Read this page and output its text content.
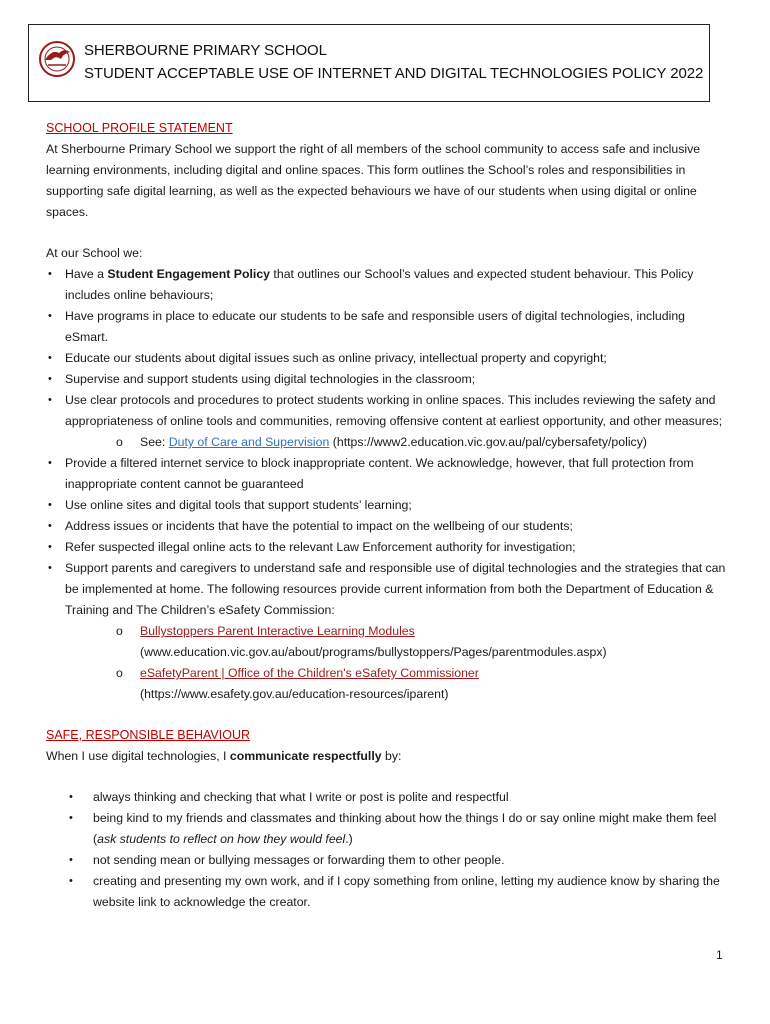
SHERBOURNE PRIMARY SCHOOL
STUDENT ACCEPTABLE USE OF INTERNET AND DIGITAL TECHNOLOGIES POLICY 2022
SCHOOL PROFILE STATEMENT

At Sherbourne Primary School we support the right of all members of the school community to access safe and inclusive learning environments, including digital and online spaces. This form outlines the School’s roles and responsibilities in supporting safe digital learning, as well as the expected behaviours we have of our students when using digital or online spaces.

At our School we:

• Have a Student Engagement Policy that outlines our School’s values and expected student behaviour. This Policy includes online behaviours;
• Have programs in place to educate our students to be safe and responsible users of digital technologies, including eSmart.
• Educate our students about digital issues such as online privacy, intellectual property and copyright;
• Supervise and support students using digital technologies in the classroom;
• Use clear protocols and procedures to protect students working in online spaces. This includes reviewing the safety and appropriateness of online tools and communities, removing offensive content at earliest opportunity, and other measures;
o See: Duty of Care and Supervision (https://www2.education.vic.gov.au/pal/cybersafety/policy)
• Provide a filtered internet service to block inappropriate content. We acknowledge, however, that full protection from inappropriate content cannot be guaranteed
• Use online sites and digital tools that support students’ learning;
• Address issues or incidents that have the potential to impact on the wellbeing of our students;
• Refer suspected illegal online acts to the relevant Law Enforcement authority for investigation;
• Support parents and caregivers to understand safe and responsible use of digital technologies and the strategies that can be implemented at home. The following resources provide current information from both the Department of Education & Training and The Children’s eSafety Commission:
o Bullystoppers Parent Interactive Learning Modules
(www.education.vic.gov.au/about/programs/bullystoppers/Pages/parentmodules.aspx)
o eSafetyParent | Office of the Children's eSafety Commissioner
(https://www.esafety.gov.au/education-resources/iparent)
SAFE, RESPONSIBLE BEHAVIOUR

When I use digital technologies, I communicate respectfully by:

• always thinking and checking that what I write or post is polite and respectful
• being kind to my friends and classmates and thinking about how the things I do or say online might make them feel (ask students to reflect on how they would feel.)
• not sending mean or bullying messages or forwarding them to other people.
• creating and presenting my own work, and if I copy something from online, letting my audience know by sharing the website link to acknowledge the creator.
1
